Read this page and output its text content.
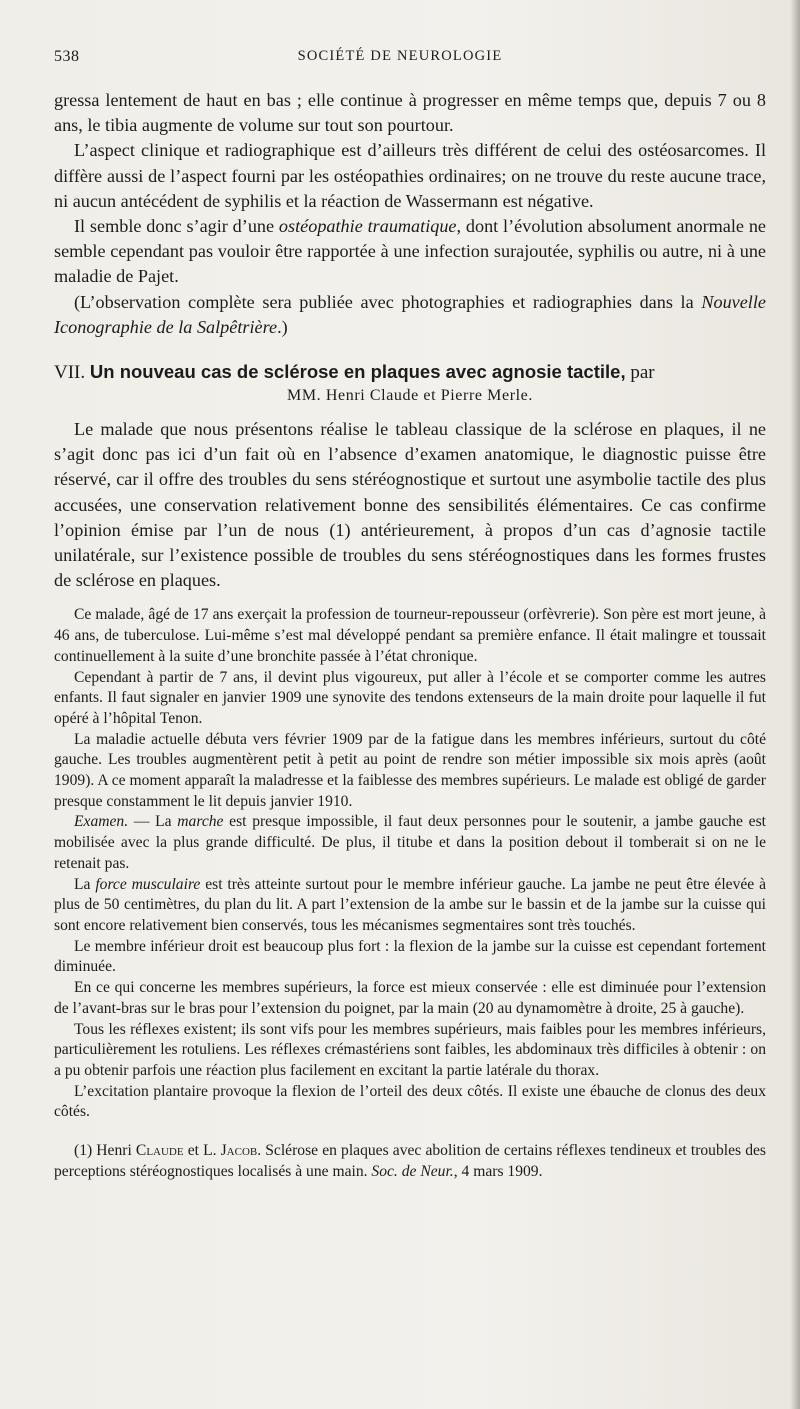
538	SOCIÉTÉ DE NEUROLOGIE

gressa lentement de haut en bas ; elle continue à progresser en même temps que, depuis 7 ou 8 ans, le tibia augmente de volume sur tout son pourtour.

L’aspect clinique et radiographique est d’ailleurs très différent de celui des ostéosarcomes. Il diffère aussi de l’aspect fourni par les ostéopathies ordinaires; on ne trouve du reste aucune trace, ni aucun antécédent de syphilis et la réaction de Wassermann est négative.

Il semble donc s’agir d’une ostéopathie traumatique, dont l’évolution absolument anormale ne semble cependant pas vouloir être rapportée à une infection surajoutée, syphilis ou autre, ni à une maladie de Pajet.

(L’observation complète sera publiée avec photographies et radiographies dans la Nouvelle Iconographie de la Salpêtrière.)

VII. Un nouveau cas de sclérose en plaques avec agnosie tactile, par

MM. Henri Claude et Pierre Merle.

Le malade que nous présentons réalise le tableau classique de la sclérose en plaques, il ne s’agit donc pas ici d’un fait où en l’absence d’examen anatomique, le diagnostic puisse être réservé, car il offre des troubles du sens stéréognostique et surtout une asymbolie tactile des plus accusées, une conservation relativement bonne des sensibilités élémentaires. Ce cas confirme l’opinion émise par l’un de nous (1) antérieurement, à propos d’un cas d’agnosie tactile unilatérale, sur l’existence possible de troubles du sens stéréognostiques dans les formes frustes de sclérose en plaques.

Ce malade, âgé de 17 ans exerçait la profession de tourneur-repousseur (orfèvrerie). Son père est mort jeune, à 46 ans, de tuberculose. Lui-même s’est mal développé pendant sa première enfance. Il était malingre et toussait continuellement à la suite d’une bronchite passée à l’état chronique.

Cependant à partir de 7 ans, il devint plus vigoureux, put aller à l’école et se comporter comme les autres enfants. Il faut signaler en janvier 1909 une synovite des tendons extenseurs de la main droite pour laquelle il fut opéré à l’hôpital Tenon.

La maladie actuelle débuta vers février 1909 par de la fatigue dans les membres inférieurs, surtout du côté gauche. Les troubles augmentèrent petit à petit au point de rendre son métier impossible six mois après (août 1909). A ce moment apparaît la maladresse et la faiblesse des membres supérieurs. Le malade est obligé de garder presque constamment le lit depuis janvier 1910.

Examen. — La marche est presque impossible, il faut deux personnes pour le soutenir, a jambe gauche est mobilisée avec la plus grande difficulté. De plus, il titube et dans la position debout il tomberait si on ne le retenait pas.

La force musculaire est très atteinte surtout pour le membre inférieur gauche. La jambe ne peut être élevée à plus de 50 centimètres, du plan du lit. A part l’extension de la ambe sur le bassin et de la jambe sur la cuisse qui sont encore relativement bien conservés, tous les mécanismes segmentaires sont très touchés.

Le membre inférieur droit est beaucoup plus fort : la flexion de la jambe sur la cuisse est cependant fortement diminuée.

En ce qui concerne les membres supérieurs, la force est mieux conservée : elle est diminuée pour l’extension de l’avant-bras sur le bras pour l’extension du poignet, par la main (20 au dynamomètre à droite, 25 à gauche).

Tous les réflexes existent; ils sont vifs pour les membres supérieurs, mais faibles pour les membres inférieurs, particulièrement les rotuliens. Les réflexes crémastériens sont faibles, les abdominaux très difficiles à obtenir : on a pu obtenir parfois une réaction plus facilement en excitant la partie latérale du thorax.

L’excitation plantaire provoque la flexion de l’orteil des deux côtés. Il existe une ébauche de clonus des deux côtés.

(1) Henri Claude et L. Jacob. Sclérose en plaques avec abolition de certains réflexes tendineux et troubles des perceptions stéréognostiques localisés à une main. Soc. de Neur., 4 mars 1909.
